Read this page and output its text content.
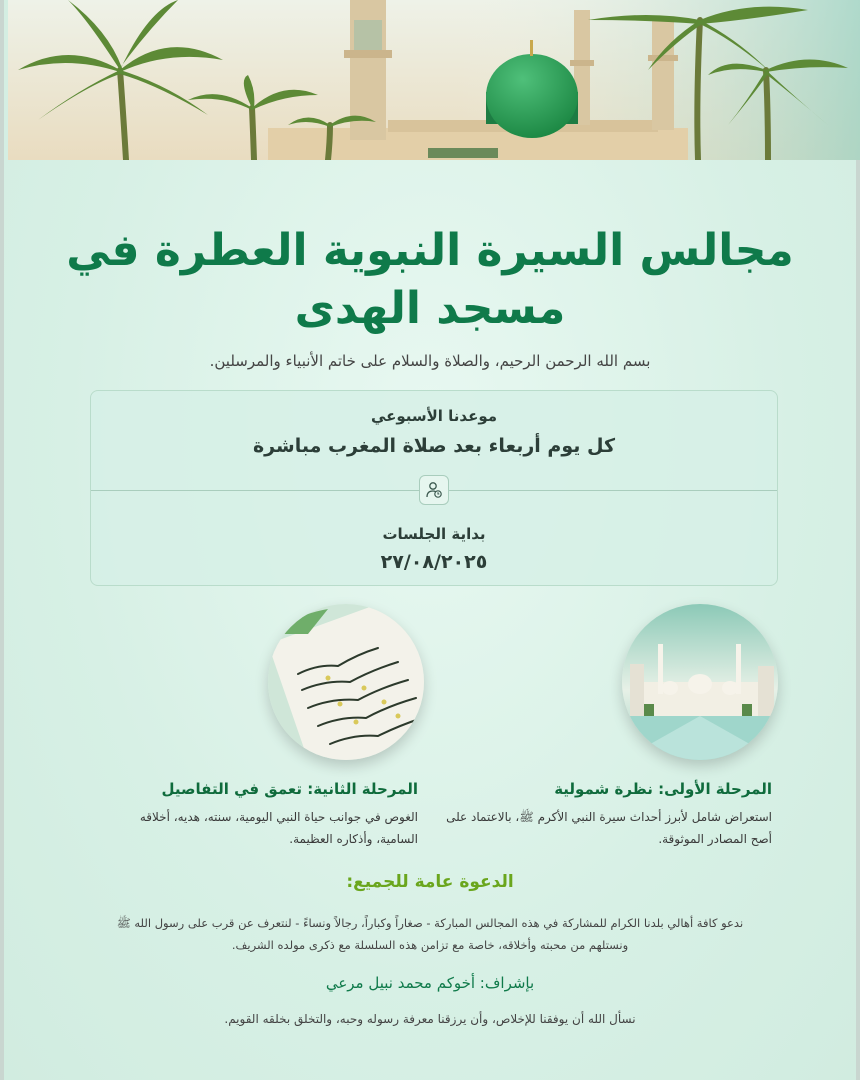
مجالس السيرة النبوية العطرة في
مسجد الهدى
بسم الله الرحمن الرحيم، والصلاة والسلام على خاتم الأنبياء والمرسلين.
موعدنا الأسبوعي
كل يوم أربعاء بعد صلاة المغرب مباشرة
بداية الجلسات
٢٧/٠٨/٢٠٢٥
المرحلة الأولى: نظرة شمولية
استعراض شامل لأبرز أحداث سيرة النبي الأكرم ﷺ، بالاعتماد على
أصح المصادر الموثوقة.
المرحلة الثانية: تعمق في التفاصيل
الغوص في جوانب حياة النبي اليومية، سنته، هديه، أخلاقه
السامية، وأذكاره العظيمة.
الدعوة عامة للجميع:
ندعو كافة أهالي بلدنا الكرام للمشاركة في هذه المجالس المباركة - صغاراً وكباراً، رجالاً ونساءً - لنتعرف عن قرب على رسول الله ﷺ
ونستلهم من محبته وأخلاقه، خاصة مع تزامن هذه السلسلة مع ذكرى مولده الشريف.
بإشراف: أخوكم محمد نبيل مرعي
نسأل الله أن يوفقنا للإخلاص، وأن يرزقنا معرفة رسوله وحبه، والتخلق بخلقه القويم.
